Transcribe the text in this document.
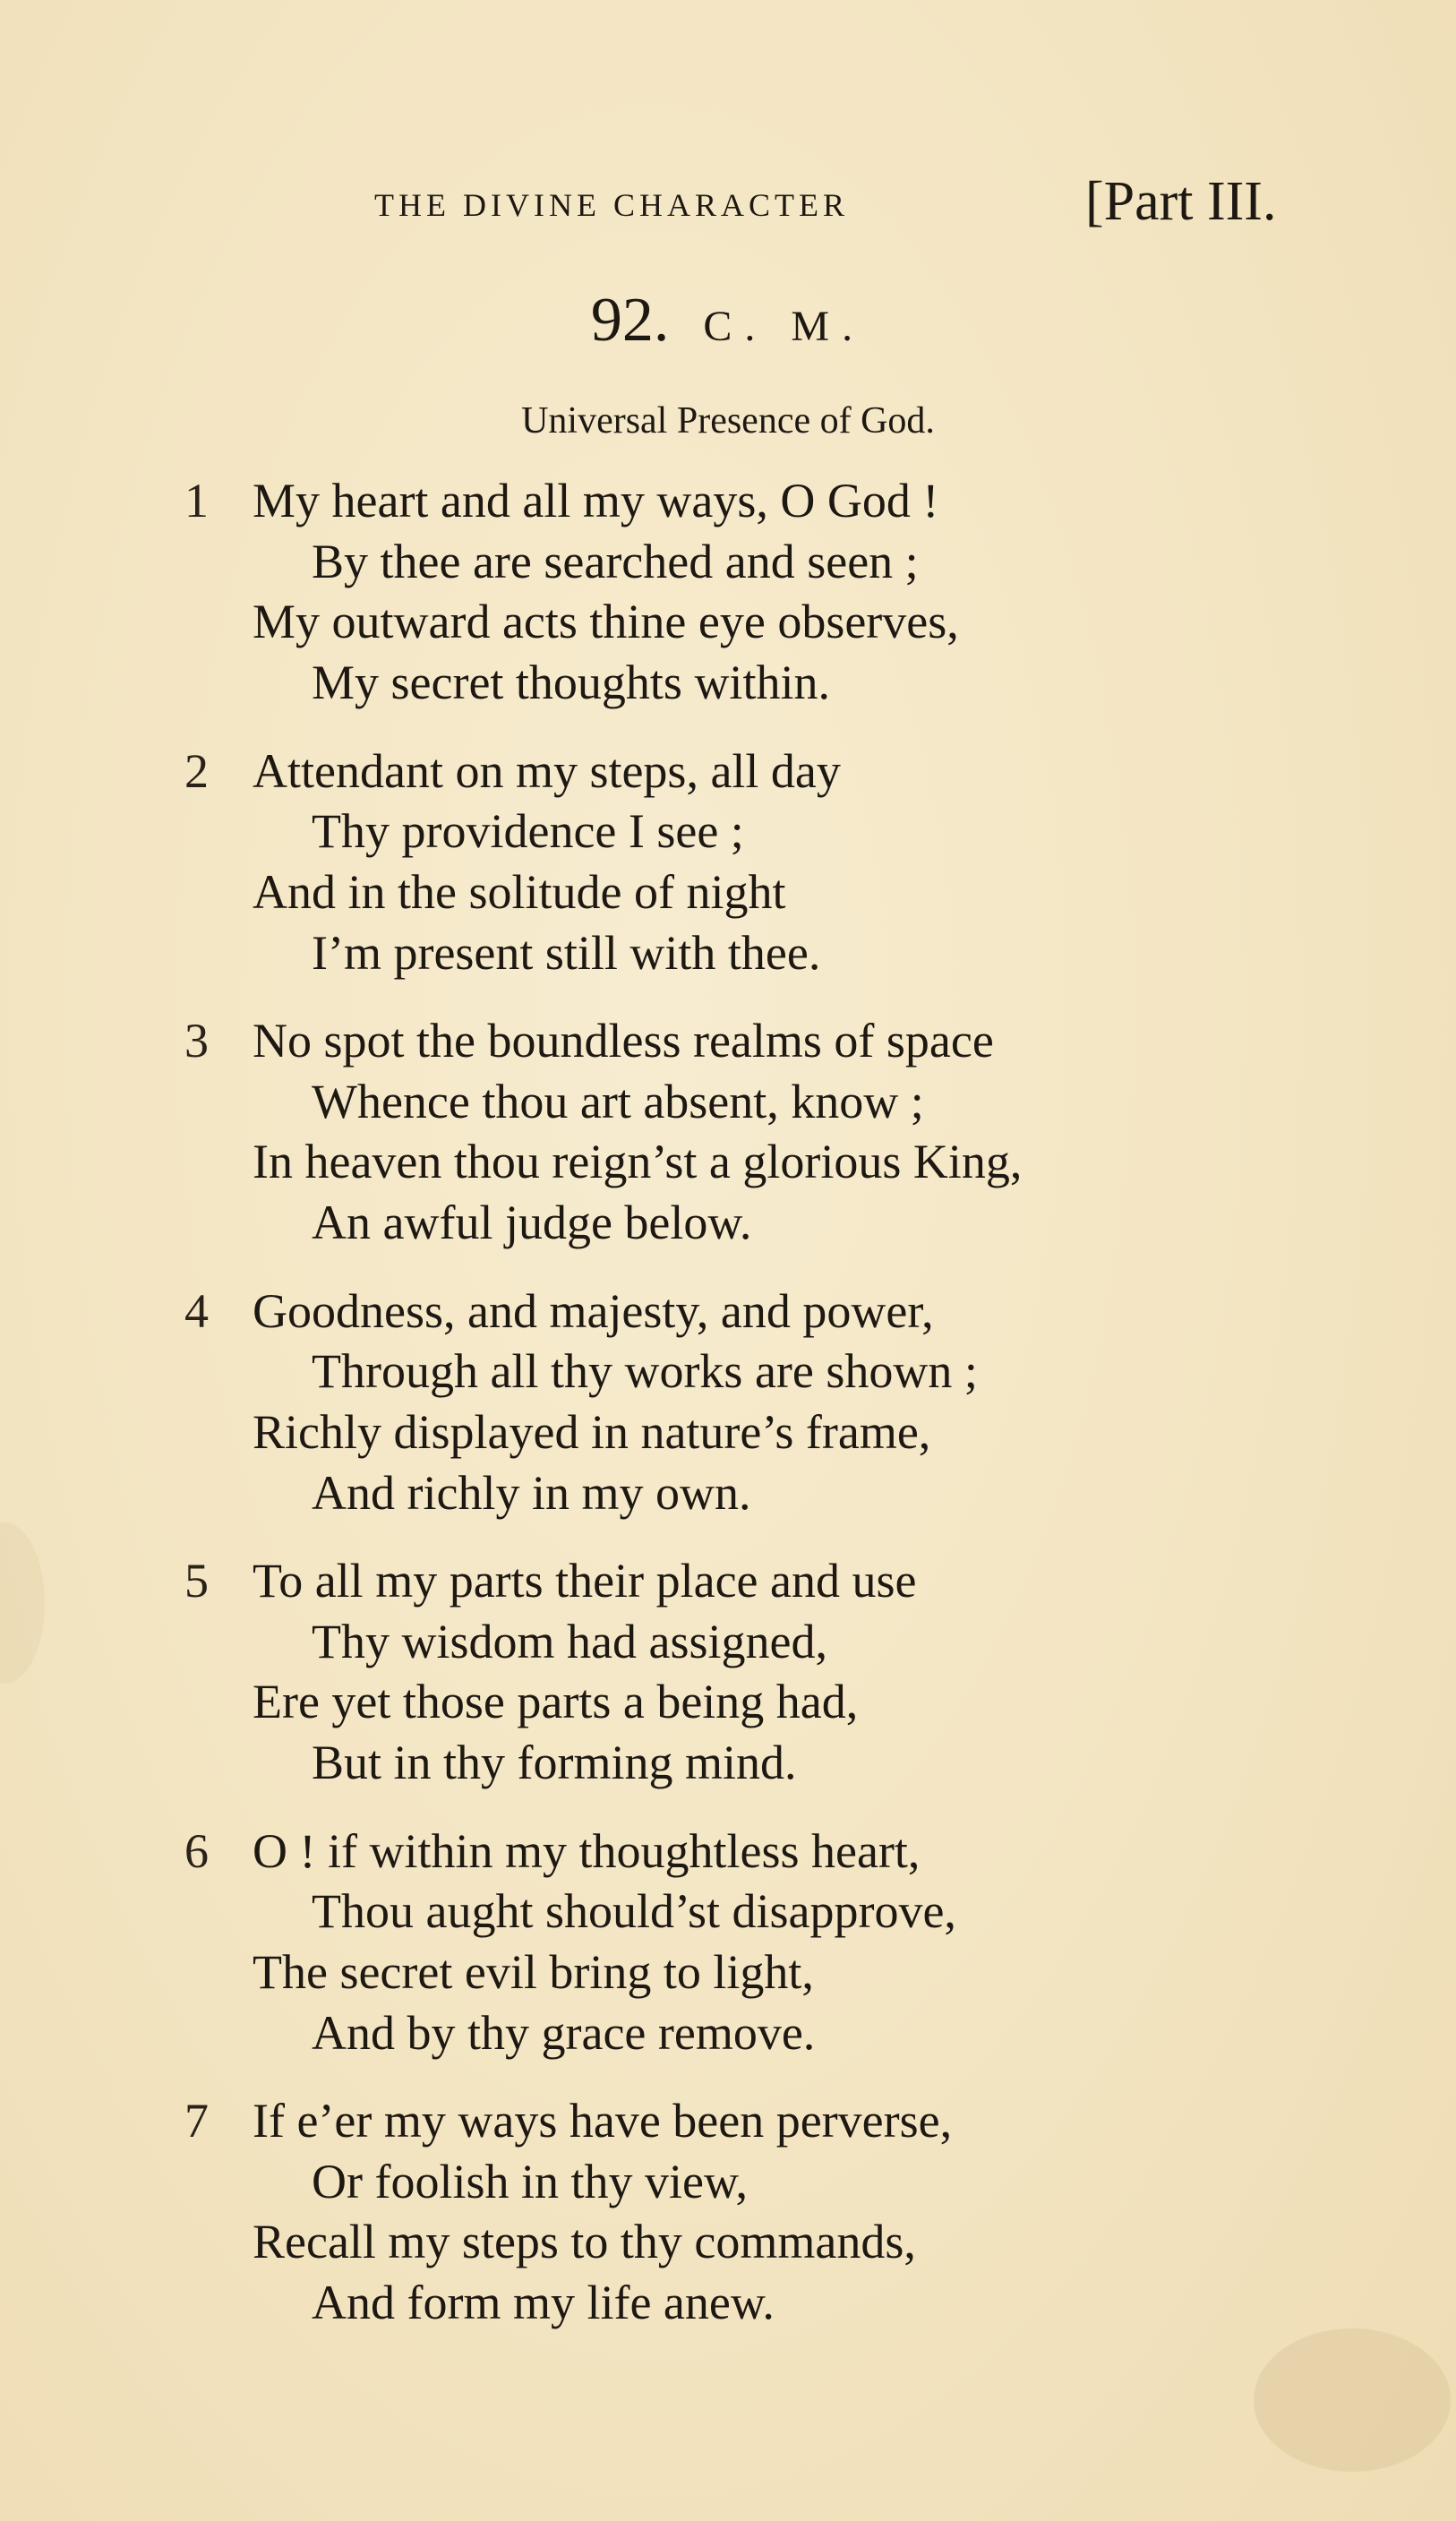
THE DIVINE CHARACTER	[Part III.
92. C. M.
Universal Presence of God.
1 My heart and all my ways, O God !
By thee are searched and seen ;
My outward acts thine eye observes,
My secret thoughts within.
2 Attendant on my steps, all day
Thy providence I see ;
And in the solitude of night
I’m present still with thee.
3 No spot the boundless realms of space
Whence thou art absent, know ;
In heaven thou reign’st a glorious King,
An awful judge below.
4 Goodness, and majesty, and power,
Through all thy works are shown ;
Richly displayed in nature’s frame,
And richly in my own.
5 To all my parts their place and use
Thy wisdom had assigned,
Ere yet those parts a being had,
But in thy forming mind.
6 O ! if within my thoughtless heart,
Thou aught should’st disapprove,
The secret evil bring to light,
And by thy grace remove.
7 If e’er my ways have been perverse,
Or foolish in thy view,
Recall my steps to thy commands,
And form my life anew.
